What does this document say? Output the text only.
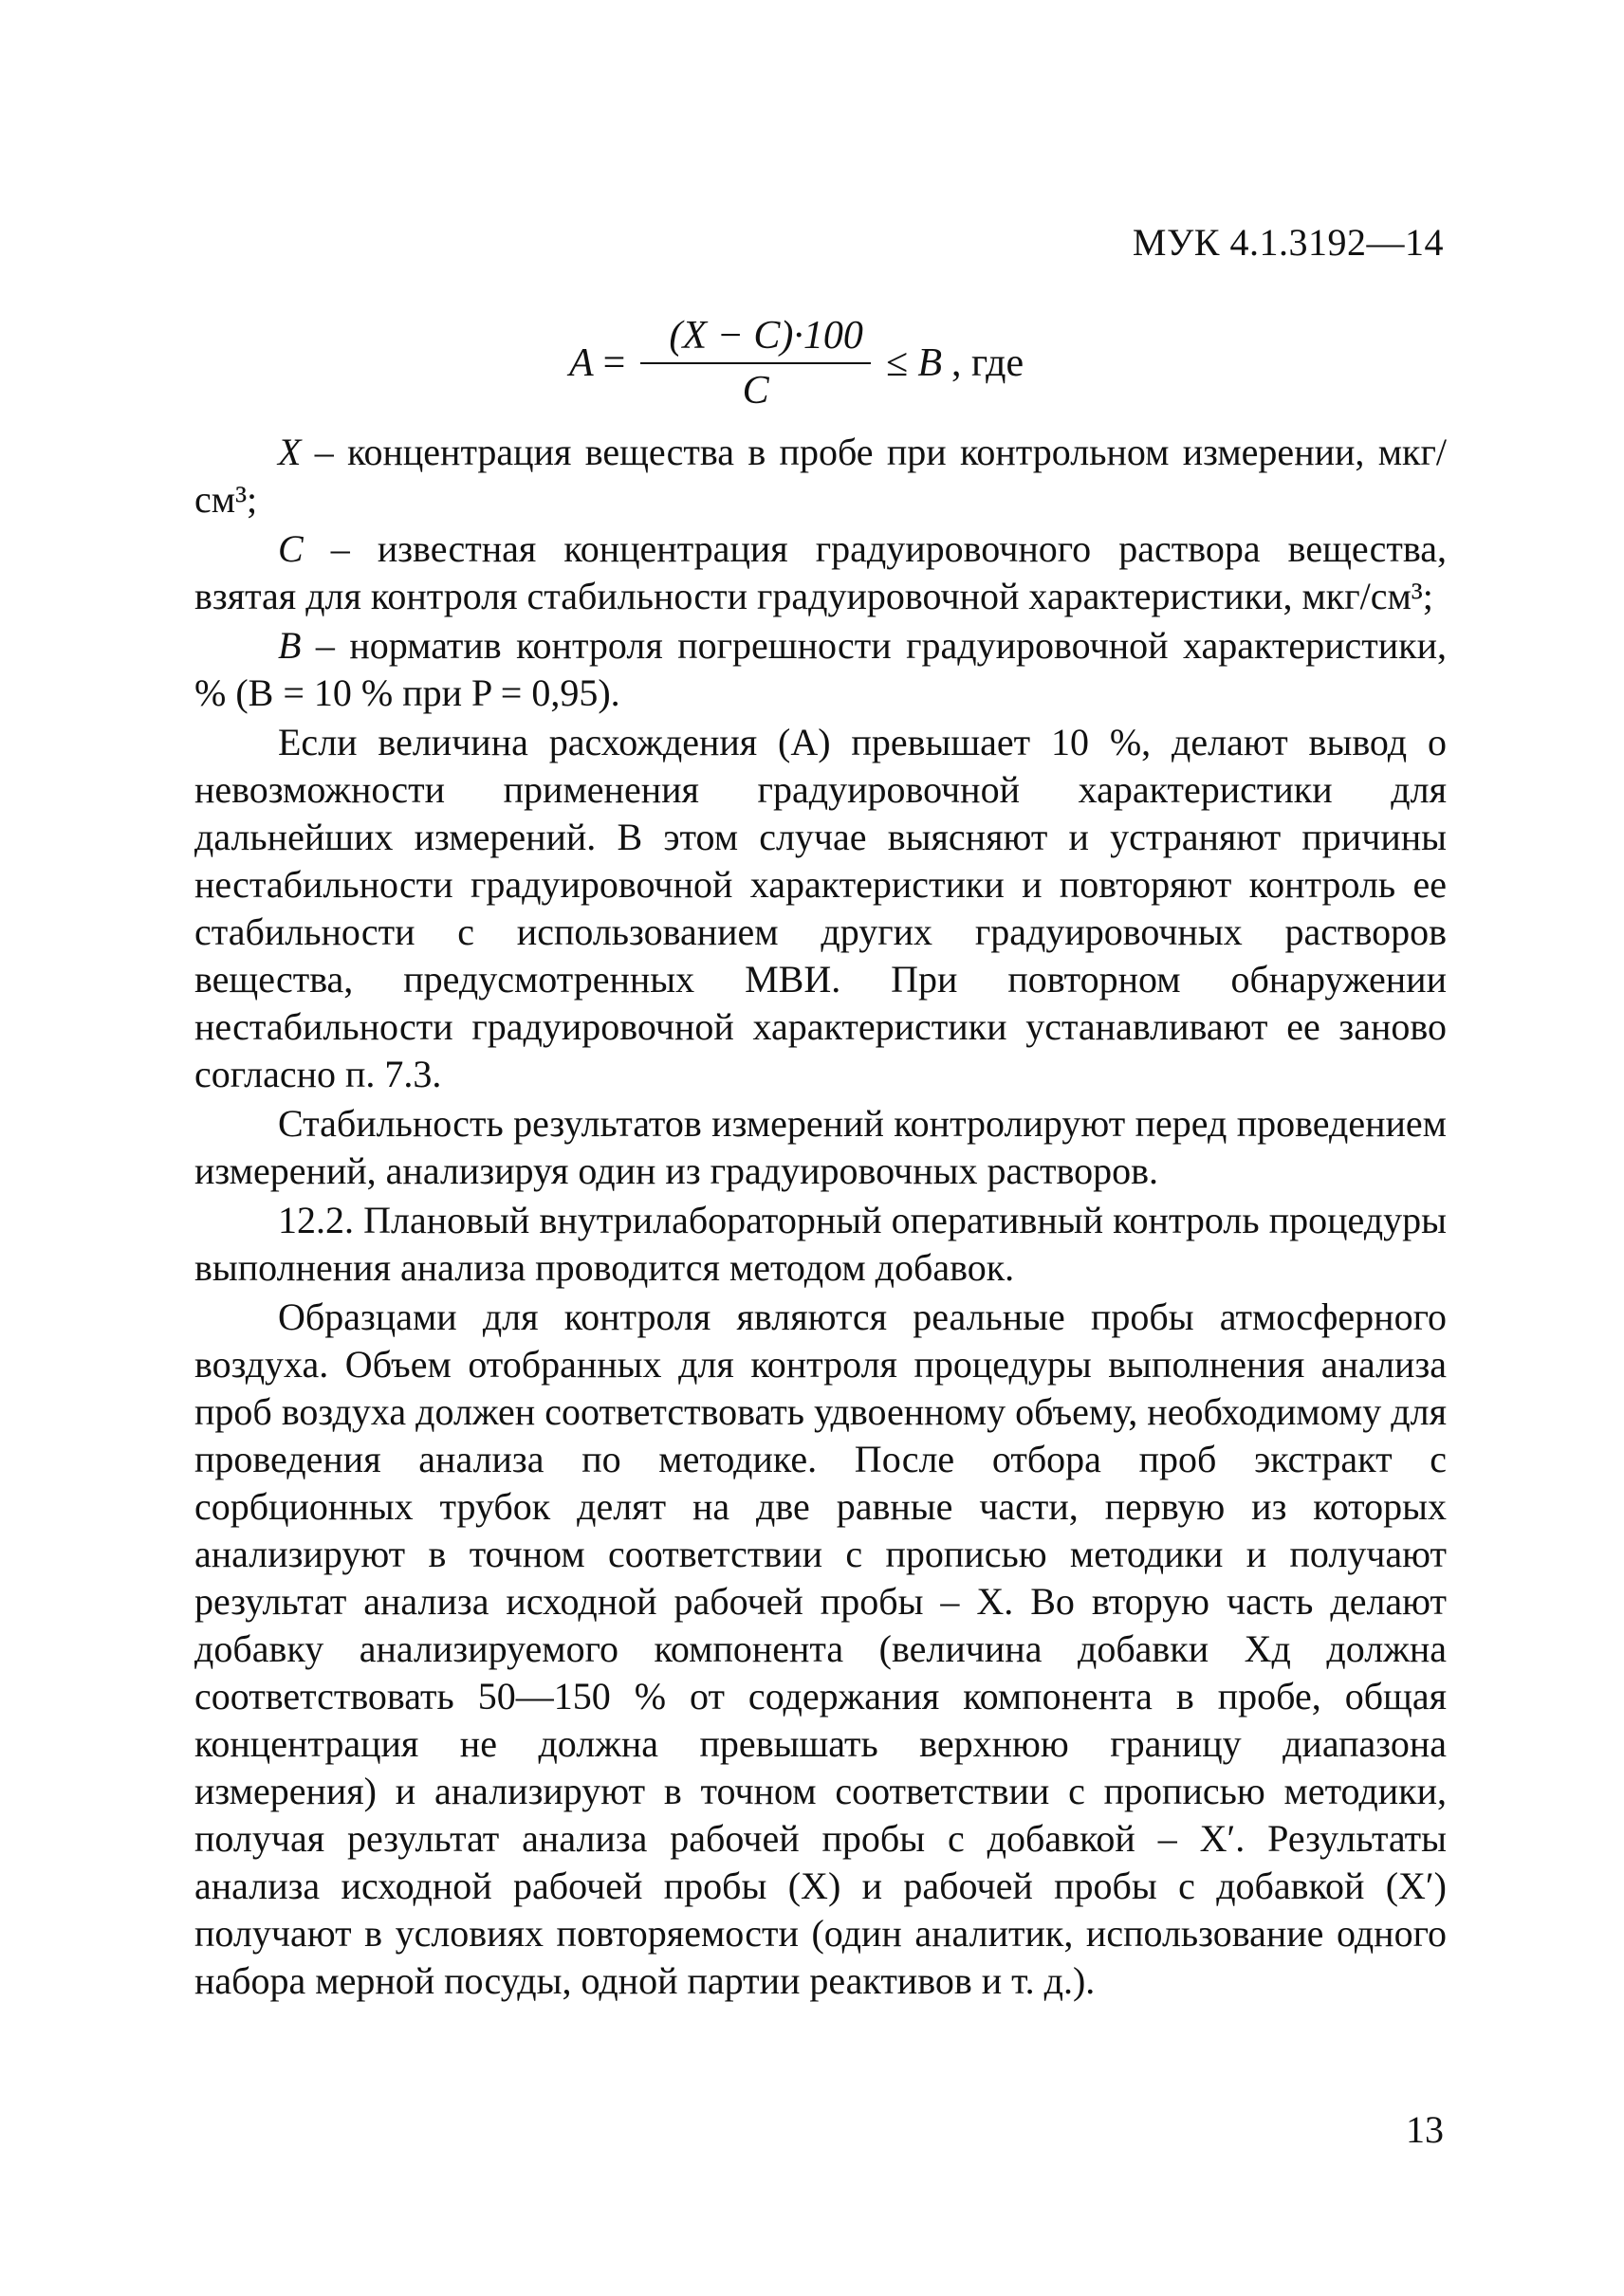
МУК 4.1.3192—14
$A = \frac{(X - C)\cdot 100}{C} \le B$ , где

X – концентрация вещества в пробе при контрольном измерении, мкг/см³;

C – известная концентрация градуировочного раствора вещества, взятая для контроля стабильности градуировочной характеристики, мкг/см³;

B – норматив контроля погрешности градуировочной характеристики, % (B = 10 % при P = 0,95).

Если величина расхождения (A) превышает 10 %, делают вывод о невозможности применения градуировочной характеристики для дальнейших измерений. В этом случае выясняют и устраняют причины нестабильности градуировочной характеристики и повторяют контроль ее стабильности с использованием других градуировочных растворов вещества, предусмотренных МВИ. При повторном обнаружении нестабильности градуировочной характеристики устанавливают ее заново согласно п. 7.3.

Стабильность результатов измерений контролируют перед проведением измерений, анализируя один из градуировочных растворов.

12.2. Плановый внутрилабораторный оперативный контроль процедуры выполнения анализа проводится методом добавок.

Образцами для контроля являются реальные пробы атмосферного воздуха. Объем отобранных для контроля процедуры выполнения анализа проб воздуха должен соответствовать удвоенному объему, необходимому для проведения анализа по методике. После отбора проб экстракт с сорбционных трубок делят на две равные части, первую из которых анализируют в точном соответствии с прописью методики и получают результат анализа исходной рабочей пробы – X. Во вторую часть делают добавку анализируемого компонента (величина добавки Xд должна соответствовать 50—150 % от содержания компонента в пробе, общая концентрация не должна превышать верхнюю границу диапазона измерения) и анализируют в точном соответствии с прописью методики, получая результат анализа рабочей пробы с добавкой – X′. Результаты анализа исходной рабочей пробы (X) и рабочей пробы с добавкой (X′) получают в условиях повторяемости (один аналитик, использование одного набора мерной посуды, одной партии реактивов и т. д.).

13
